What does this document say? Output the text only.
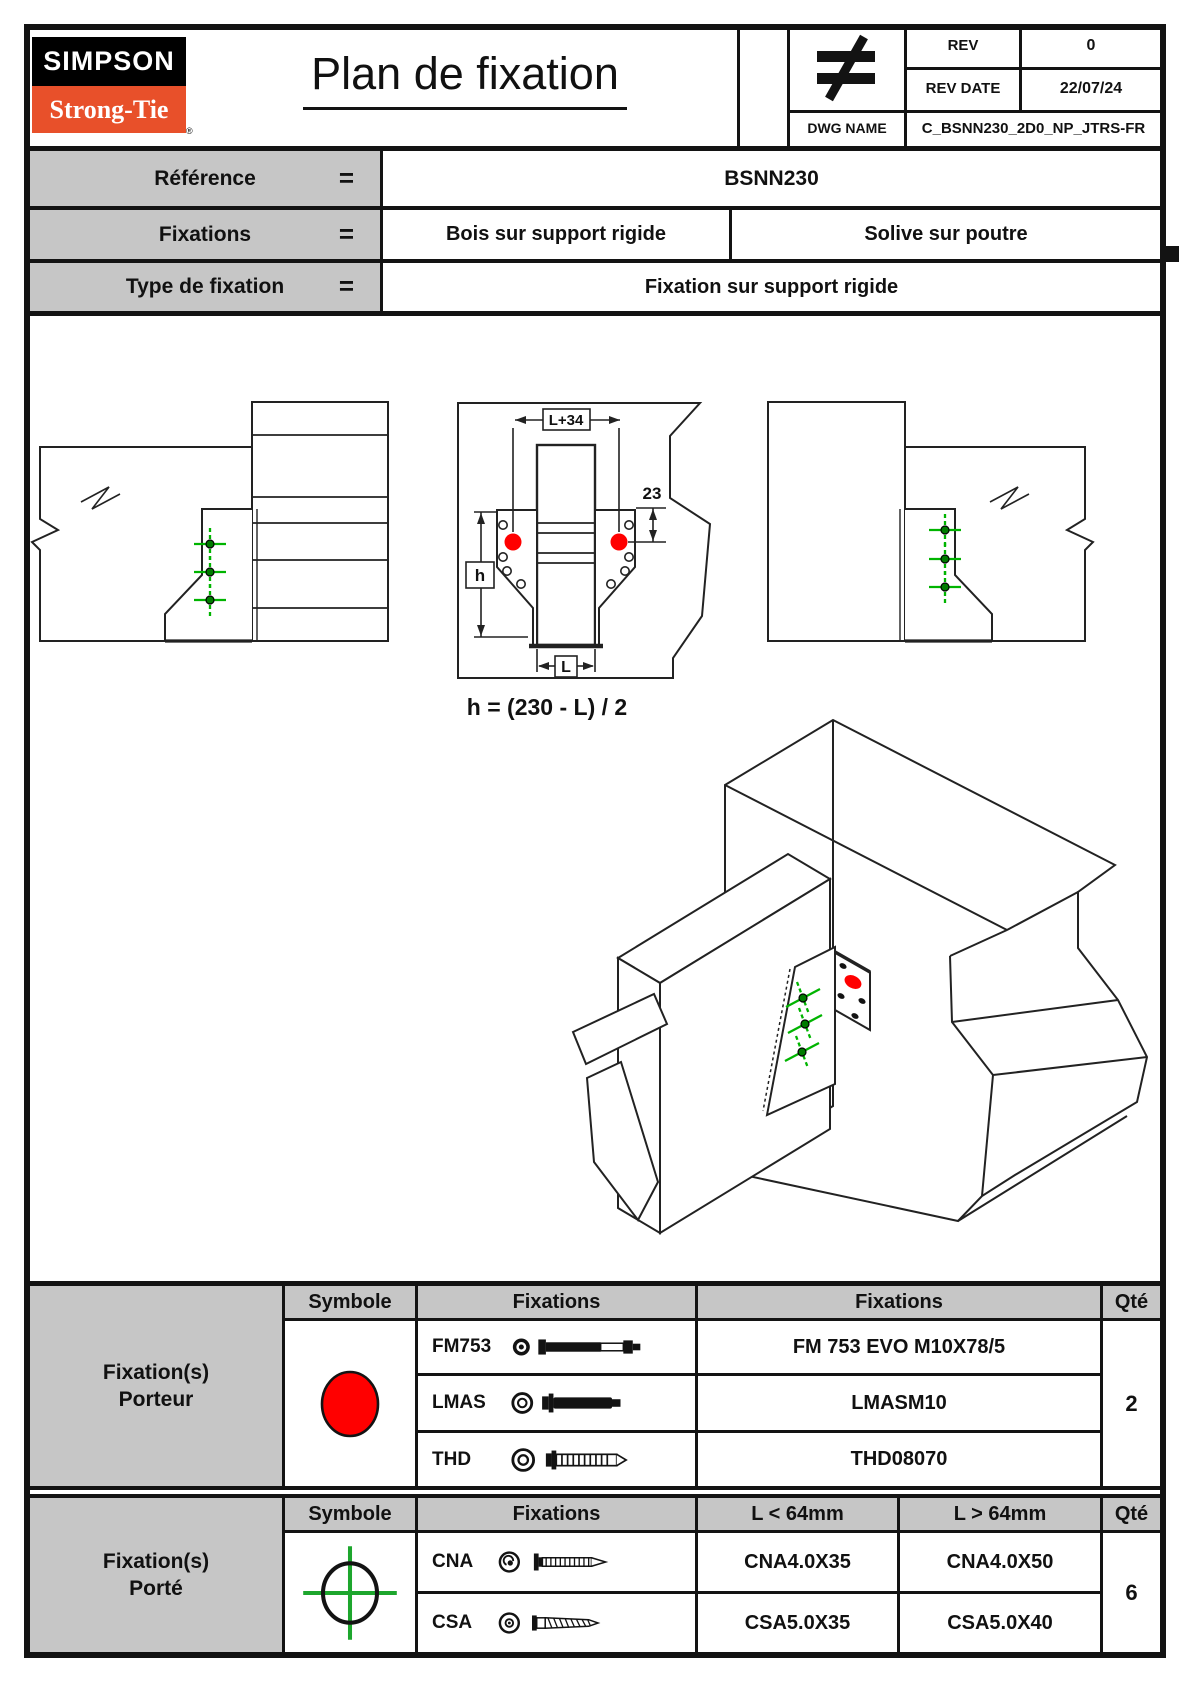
SIMPSON
Strong-Tie
®
Plan de fixation
REV	0
REV DATE	22/07/24
DWG NAME	C_BSNN230_2D0_NP_JTRS-FR
Référence	=	BSNN230
Fixations	=	Bois sur support rigide	Solive sur poutre
Type de fixation =	Fixation sur support rigide
L+34
23
h
L
h = (230 - L) / 2
Fixation(s)
Porteur
Symbole	Fixations	Fixations	Qté
FM753	FM 753 EVO M10X78/5
LMAS	LMASM10
THD	THD08070
2
Fixation(s)
Porté
Symbole	Fixations	L < 64mm	L > 64mm	Qté
CNA	CNA4.0X35	CNA4.0X50
CSA	CSA5.0X35	CSA5.0X40
6
